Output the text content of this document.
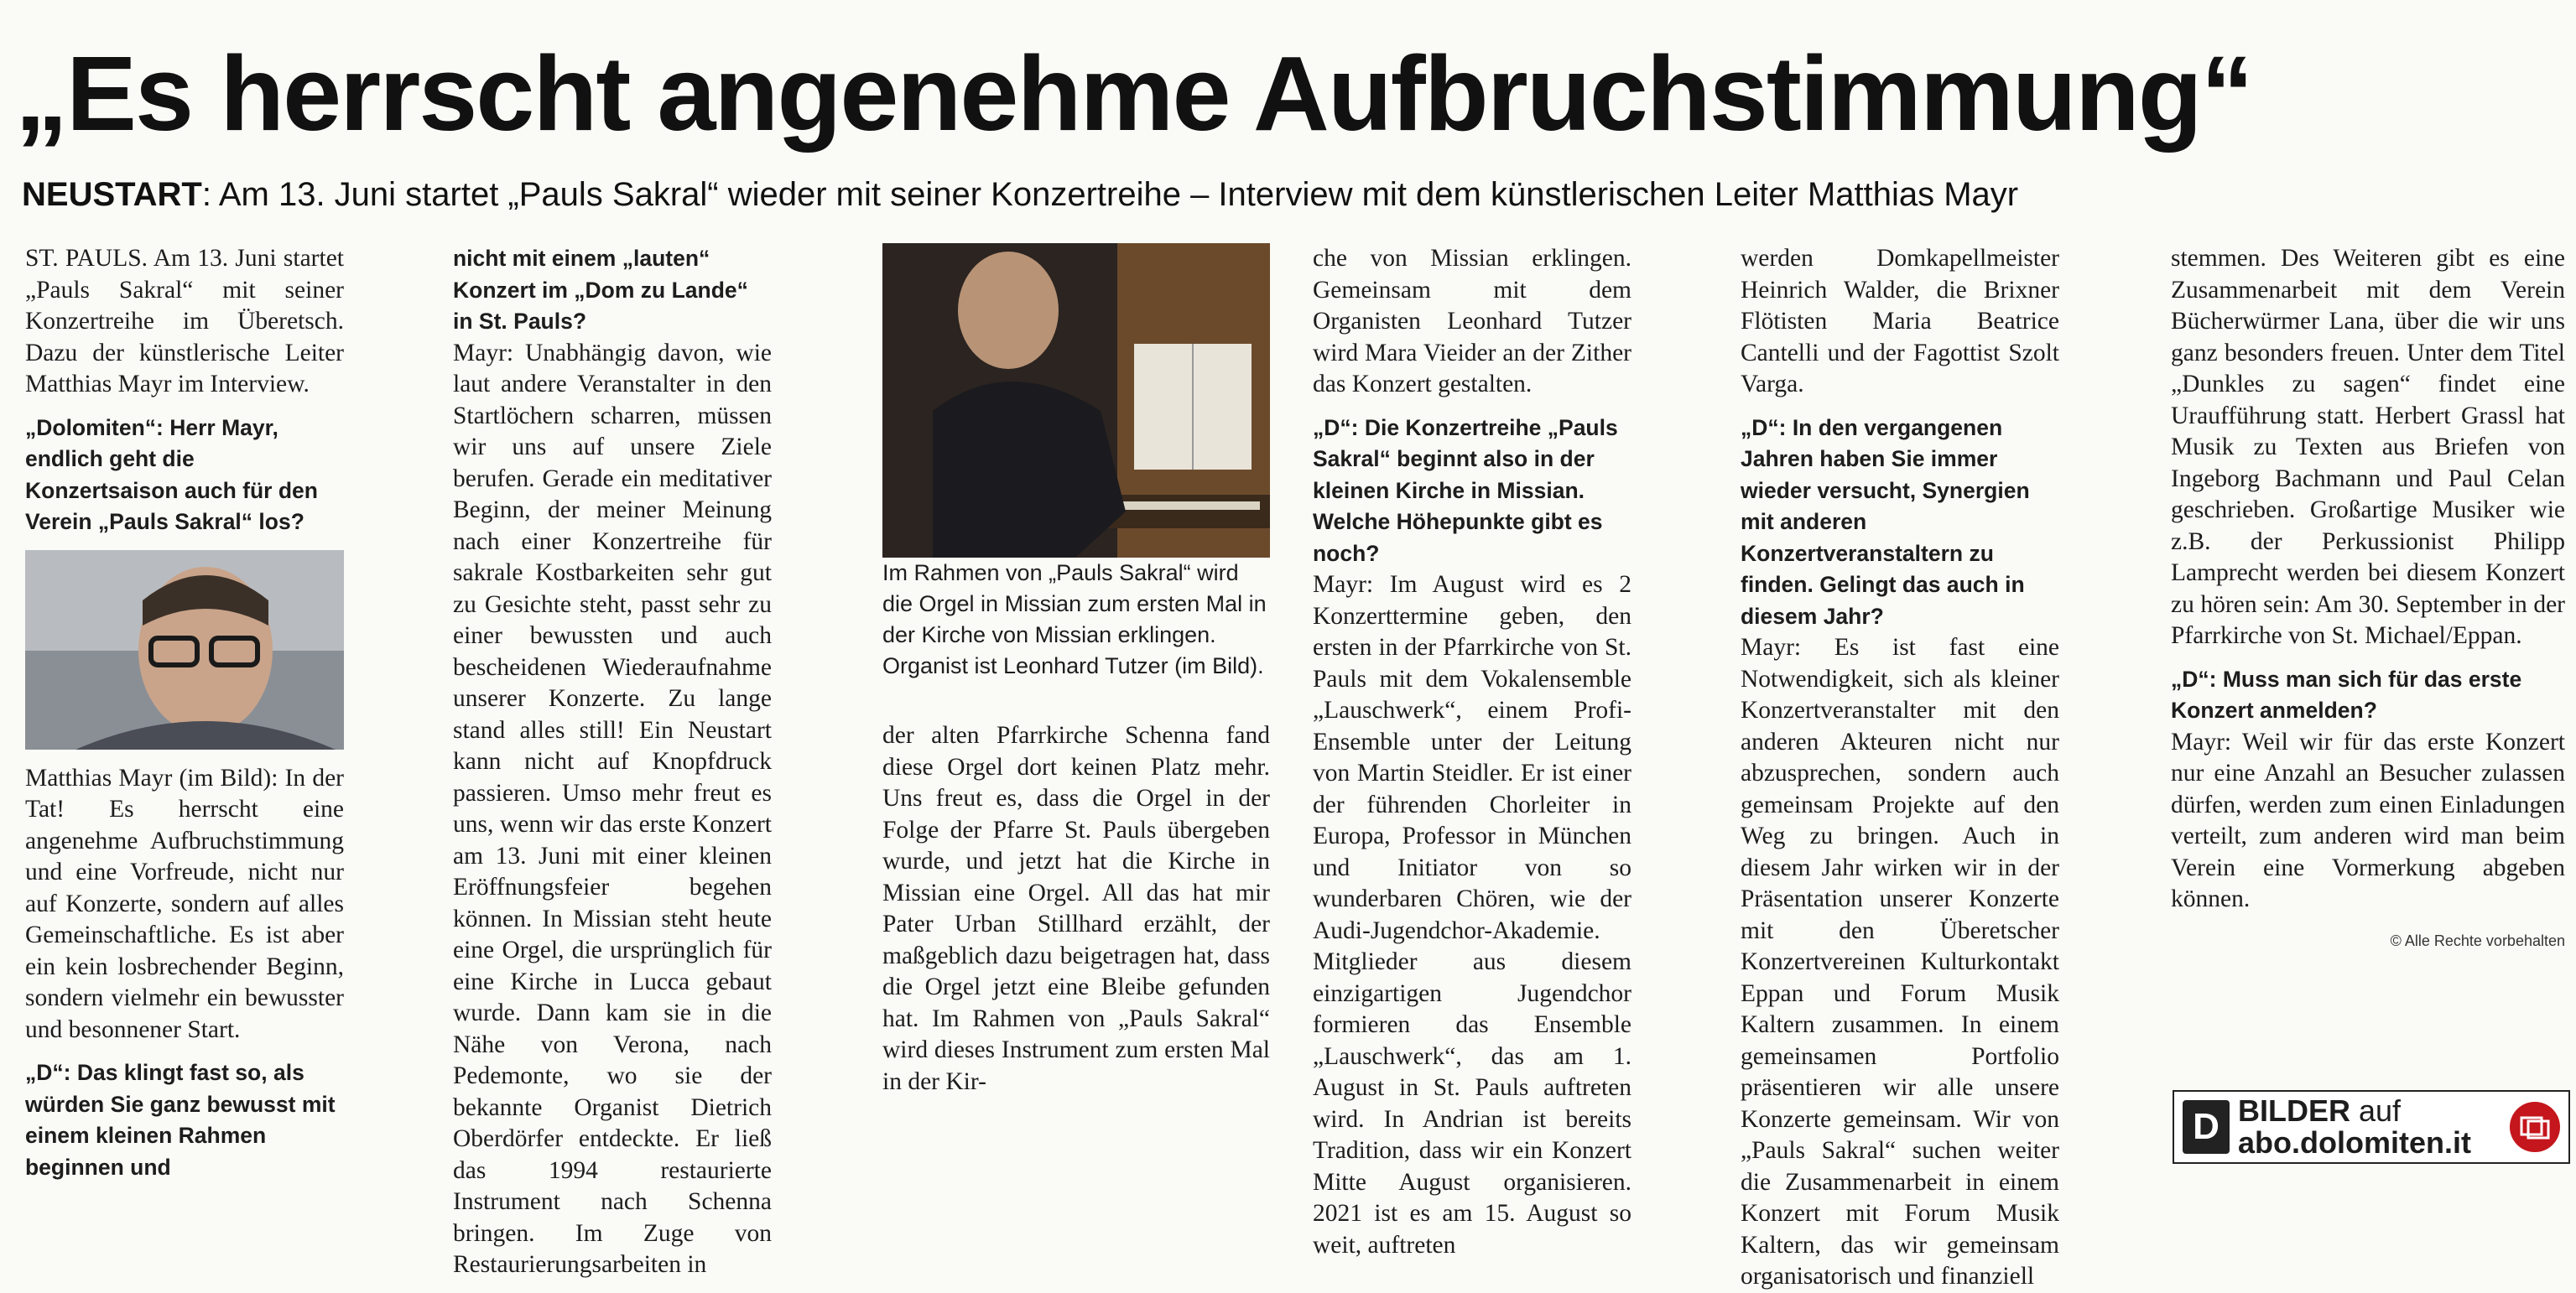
„Es herrscht angenehme Aufbruchstimmung“
NEUSTART: Am 13. Juni startet „Pauls Sakral“ wieder mit seiner Konzertreihe – Interview mit dem künstlerischen Leiter Matthias Mayr

ST. PAULS. Am 13. Juni startet „Pauls Sakral“ mit seiner Konzertreihe im Überetsch. Dazu der künstlerische Leiter Matthias Mayr im Interview.

„Dolomiten“: Herr Mayr, endlich geht die Konzertsaison auch für den Verein „Pauls Sakral“ los?

Matthias Mayr (im Bild): In der Tat! Es herrscht eine angenehme Aufbruchstimmung und eine Vorfreude, nicht nur auf Konzerte, sondern auf alles Gemeinschaftliche. Es ist aber ein kein losbrechender Beginn, sondern vielmehr ein bewusster und besonnener Start.

„D“: Das klingt fast so, als würden Sie ganz bewusst mit einem kleinen Rahmen beginnen und

nicht mit einem „lauten“ Konzert im „Dom zu Lande“ in St. Pauls?

Mayr: Unabhängig davon, wie laut andere Veranstalter in den Startlöchern scharren, müssen wir uns auf unsere Ziele berufen. Gerade ein meditativer Beginn, der meiner Meinung nach einer Konzertreihe für sakrale Kostbarkeiten sehr gut zu Gesichte steht, passt sehr zu einer bewussten und auch bescheidenen Wiederaufnahme unserer Konzerte. Zu lange stand alles still! Ein Neustart kann nicht auf Knopfdruck passieren. Umso mehr freut es uns, wenn wir das erste Konzert am 13. Juni mit einer kleinen Eröffnungsfeier begehen können. In Missian steht heute eine Orgel, die ursprünglich für eine Kirche in Lucca gebaut wurde. Dann kam sie in die Nähe von Verona, nach Pedemonte, wo sie der bekannte Organist Dietrich Oberdörfer entdeckte. Er ließ das 1994 restaurierte Instrument nach Schenna bringen. Im Zuge von Restaurierungsarbeiten in

Im Rahmen von „Pauls Sakral“ wird die Orgel in Missian zum ersten Mal in der Kirche von Missian erklingen. Organist ist Leonhard Tutzer (im Bild).

der alten Pfarrkirche Schenna fand diese Orgel dort keinen Platz mehr. Uns freut es, dass die Orgel in der Folge der Pfarre St. Pauls übergeben wurde, und jetzt hat die Kirche in Missian eine Orgel. All das hat mir Pater Urban Stillhard erzählt, der maßgeblich dazu beigetragen hat, dass die Orgel jetzt eine Bleibe gefunden hat. Im Rahmen von „Pauls Sakral“ wird dieses Instrument zum ersten Mal in der Kir-

che von Missian erklingen. Gemeinsam mit dem Organisten Leonhard Tutzer wird Mara Vieider an der Zither das Konzert gestalten.

„D“: Die Konzertreihe „Pauls Sakral“ beginnt also in der kleinen Kirche in Missian. Welche Höhepunkte gibt es noch?

Mayr: Im August wird es 2 Konzerttermine geben, den ersten in der Pfarrkirche von St. Pauls mit dem Vokalensemble „Lauschwerk“, einem Profi-Ensemble unter der Leitung von Martin Steidler. Er ist einer der führenden Chorleiter in Europa, Professor in München und Initiator von so wunderbaren Chören, wie der Audi-Jugendchor-Akademie. Mitglieder aus diesem einzigartigen Jugendchor formieren das Ensemble „Lauschwerk“, das am 1. August in St. Pauls auftreten wird. In Andrian ist bereits Tradition, dass wir ein Konzert Mitte August organisieren. 2021 ist es am 15. August so weit, auftreten

werden Domkapellmeister Heinrich Walder, die Brixner Flötisten Maria Beatrice Cantelli und der Fagottist Szolt Varga.

„D“: In den vergangenen Jahren haben Sie immer wieder versucht, Synergien mit anderen Konzertveranstaltern zu finden. Gelingt das auch in diesem Jahr?

Mayr: Es ist fast eine Notwendigkeit, sich als kleiner Konzertveranstalter mit den anderen Akteuren nicht nur abzusprechen, sondern auch gemeinsam Projekte auf den Weg zu bringen. Auch in diesem Jahr wirken wir in der Präsentation unserer Konzerte mit den Überetscher Konzertvereinen Kulturkontakt Eppan und Forum Musik Kaltern zusammen. In einem gemeinsamen Portfolio präsentieren wir alle unsere Konzerte gemeinsam. Wir von „Pauls Sakral“ suchen weiter die Zusammenarbeit in einem Konzert mit Forum Musik Kaltern, das wir gemeinsam organisatorisch und finanziell

stemmen. Des Weiteren gibt es eine Zusammenarbeit mit dem Verein Bücherwürmer Lana, über die wir uns ganz besonders freuen. Unter dem Titel „Dunkles zu sagen“ findet eine Uraufführung statt. Herbert Grassl hat Musik zu Texten aus Briefen von Ingeborg Bachmann und Paul Celan geschrieben. Großartige Musiker wie z.B. der Perkussionist Philipp Lamprecht werden bei diesem Konzert zu hören sein: Am 30. September in der Pfarrkirche von St. Michael/Eppan.

„D“: Muss man sich für das erste Konzert anmelden?

Mayr: Weil wir für das erste Konzert nur eine Anzahl an Besucher zulassen dürfen, werden zum einen Einladungen verteilt, zum anderen wird man beim Verein eine Vormerkung abgeben können.

© Alle Rechte vorbehalten
D BILDER auf
abo.dolomiten.it
